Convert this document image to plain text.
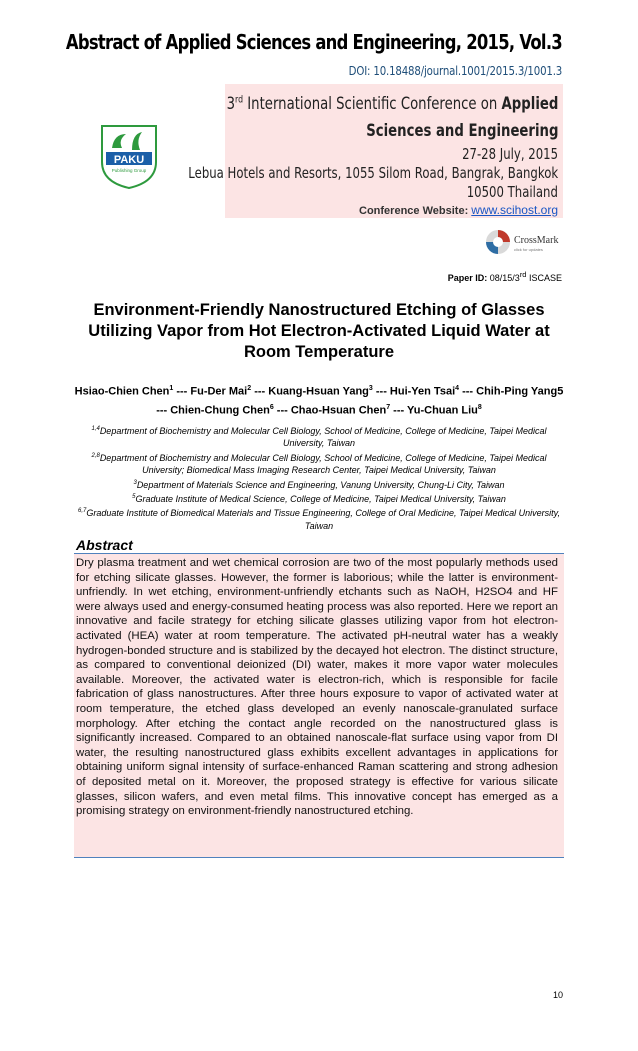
Abstract of Applied Sciences and Engineering, 2015, Vol.3
DOI: 10.18488/journal.1001/2015.3/1001.3
PAKU
Publishing Group
3rd International Scientific Conference on Applied
Sciences and Engineering
27-28 July, 2015
Lebua Hotels and Resorts, 1055 Silom Road, Bangrak, Bangkok
10500 Thailand
Conference Website: www.scihost.org
CrossMark
click for updates
Paper ID: 08/15/3rd ISCASE
Environment-Friendly Nanostructured Etching of Glasses Utilizing Vapor from Hot Electron-Activated Liquid Water at Room Temperature
Hsiao-Chien Chen$^1$ --- Fu-Der Mai$^2$ --- Kuang-Hsuan Yang$^3$ --- Hui-Yen Tsai$^4$ --- Chih-Ping Yang5 --- Chien-Chung Chen$^6$ --- Chao-Hsuan Chen$^7$ --- Yu-Chuan Liu$^8$
$^{1,4}$Department of Biochemistry and Molecular Cell Biology, School of Medicine, College of Medicine, Taipei Medical University, Taiwan
$^{2,8}$Department of Biochemistry and Molecular Cell Biology, School of Medicine, College of Medicine, Taipei Medical University; Biomedical Mass Imaging Research Center, Taipei Medical University, Taiwan
$^3$Department of Materials Science and Engineering, Vanung University, Chung-Li City, Taiwan
$^5$Graduate Institute of Medical Science, College of Medicine, Taipei Medical University, Taiwan
$^{6,7}$Graduate Institute of Biomedical Materials and Tissue Engineering, College of Oral Medicine, Taipei Medical University, Taiwan
Abstract
Dry plasma treatment and wet chemical corrosion are two of the most popularly methods used for etching silicate glasses. However, the former is laborious; while the latter is environment-unfriendly. In wet etching, environment-unfriendly etchants such as NaOH, H2SO4 and HF were always used and energy-consumed heating process was also reported. Here we report an innovative and facile strategy for etching silicate glasses utilizing vapor from hot electron-activated (HEA) water at room temperature. The activated pH-neutral water has a weakly hydrogen-bonded structure and is stabilized by the decayed hot electron. The distinct structure, as compared to conventional deionized (DI) water, makes it more vapor water molecules available. Moreover, the activated water is electron-rich, which is responsible for facile fabrication of glass nanostructures. After three hours exposure to vapor of activated water at room temperature, the etched glass developed an evenly nanoscale-granulated surface morphology. After etching the contact angle recorded on the nanostructured glass is significantly increased. Compared to an obtained nanoscale-flat surface using vapor from DI water, the resulting nanostructured glass exhibits excellent advantages in applications for obtaining uniform signal intensity of surface-enhanced Raman scattering and strong adhesion of deposited metal on it. Moreover, the proposed strategy is effective for various silicate glasses, silicon wafers, and even metal films. This innovative concept has emerged as a promising strategy on environment-friendly nanostructured etching.
10
